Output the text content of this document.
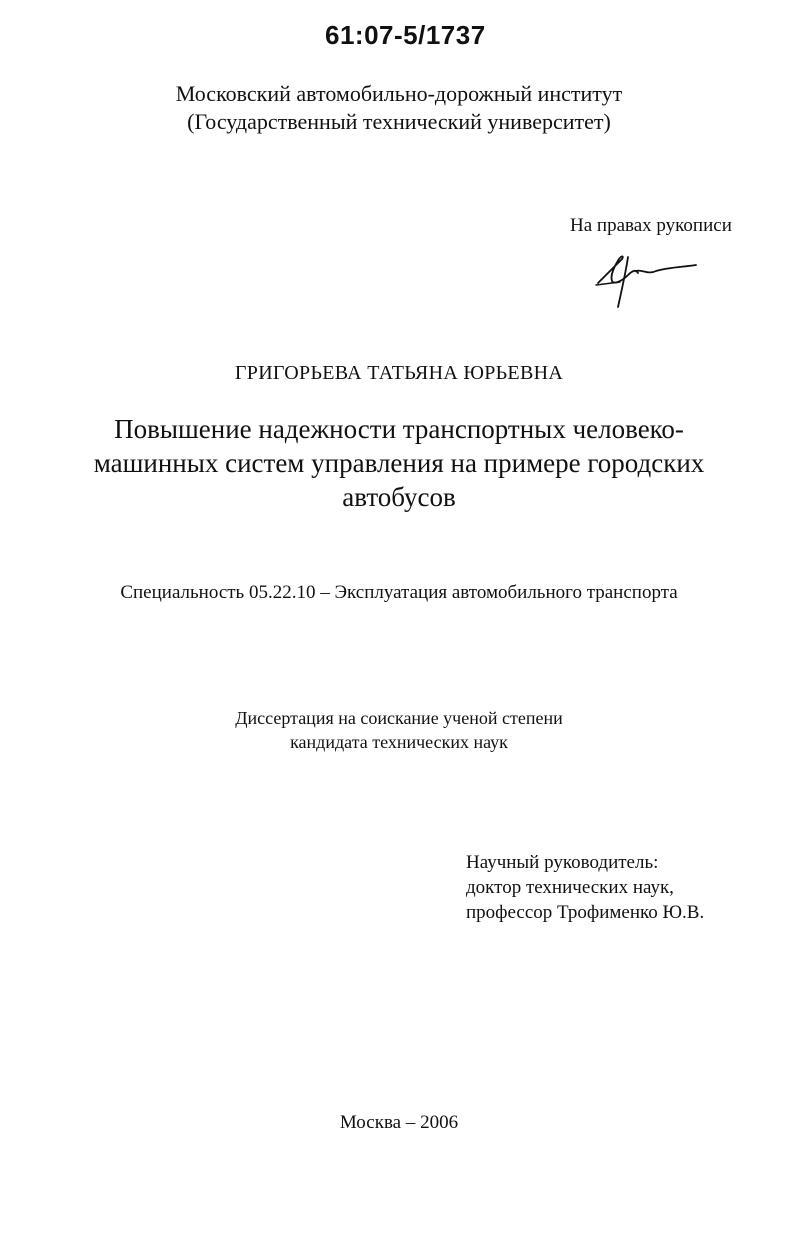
61:07-5/1737
Московский автомобильно-дорожный институт
(Государственный технический университет)
На правах рукописи
ГРИГОРЬЕВА ТАТЬЯНА ЮРЬЕВНА
Повышение надежности транспортных человеко-
машинных систем управления на примере городских
автобусов
Специальность 05.22.10 – Эксплуатация автомобильного транспорта
Диссертация на соискание ученой степени
кандидата технических наук
Научный руководитель:
доктор технических наук,
профессор Трофименко Ю.В.
Москва – 2006
